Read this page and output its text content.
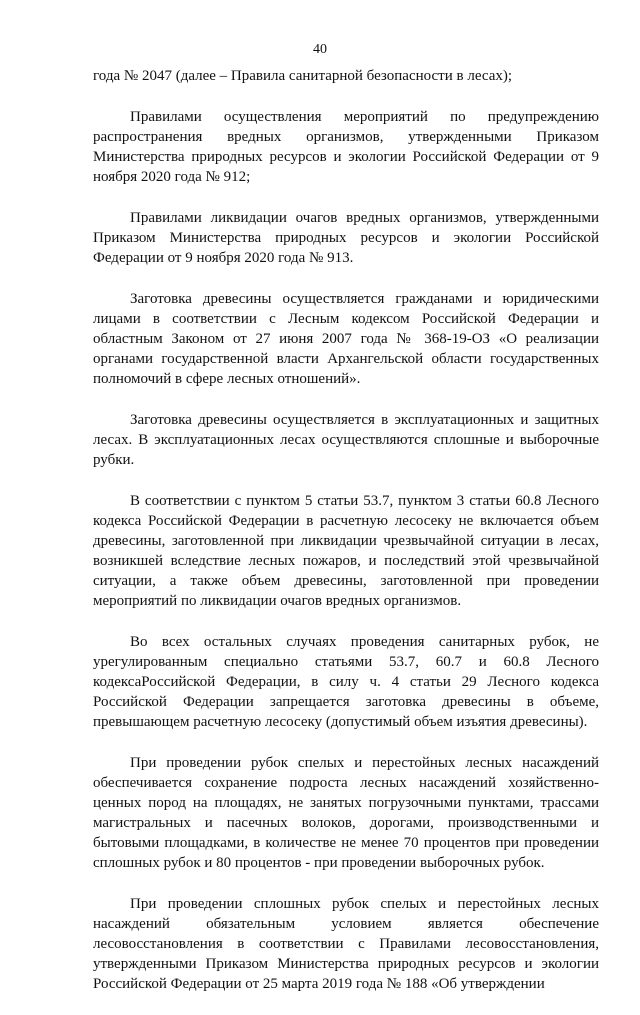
40

года № 2047 (далее – Правила санитарной безопасности в лесах);

Правилами осуществления мероприятий по предупреждению распространения вредных организмов, утвержденными Приказом Министерства природных ресурсов и экологии Российской Федерации от 9 ноября 2020 года № 912;

Правилами ликвидации очагов вредных организмов, утвержденными Приказом Министерства природных ресурсов и экологии Российской Федерации от 9 ноября 2020 года № 913.

Заготовка древесины осуществляется гражданами и юридическими лицами в соответствии с Лесным кодексом Российской Федерации и областным Законом от 27 июня 2007 года № 368-19-ОЗ «О реализации органами государственной власти Архангельской области государственных полномочий в сфере лесных отношений».

Заготовка древесины осуществляется в эксплуатационных и защитных лесах. В эксплуатационных лесах осуществляются сплошные и выборочные рубки.

В соответствии с пунктом 5 статьи 53.7, пунктом 3 статьи 60.8 Лесного кодекса Российской Федерации в расчетную лесосеку не включается объем древесины, заготовленной при ликвидации чрезвычайной ситуации в лесах, возникшей вследствие лесных пожаров, и последствий этой чрезвычайной ситуации, а также объем древесины, заготовленной при проведении мероприятий по ликвидации очагов вредных организмов.

Во всех остальных случаях проведения санитарных рубок, не урегулированным специально статьями 53.7, 60.7 и 60.8 Лесного кодексаРоссийской Федерации, в силу ч. 4 статьи 29 Лесного кодекса Российской Федерации запрещается заготовка древесины в объеме, превышающем расчетную лесосеку (допустимый объем изъятия древесины).

При проведении рубок спелых и перестойных лесных насаждений обеспечивается сохранение подроста лесных насаждений хозяйственно-ценных пород на площадях, не занятых погрузочными пунктами, трассами магистральных и пасечных волоков, дорогами, производственными и бытовыми площадками, в количестве не менее 70 процентов при проведении сплошных рубок и 80 процентов - при проведении выборочных рубок.

При проведении сплошных рубок спелых и перестойных лесных насаждений обязательным условием является обеспечение лесовосстановления в соответствии с Правилами лесовосстановления, утвержденными Приказом Министерства природных ресурсов и экологии Российской Федерации от 25 марта 2019 года № 188 «Об утверждении
